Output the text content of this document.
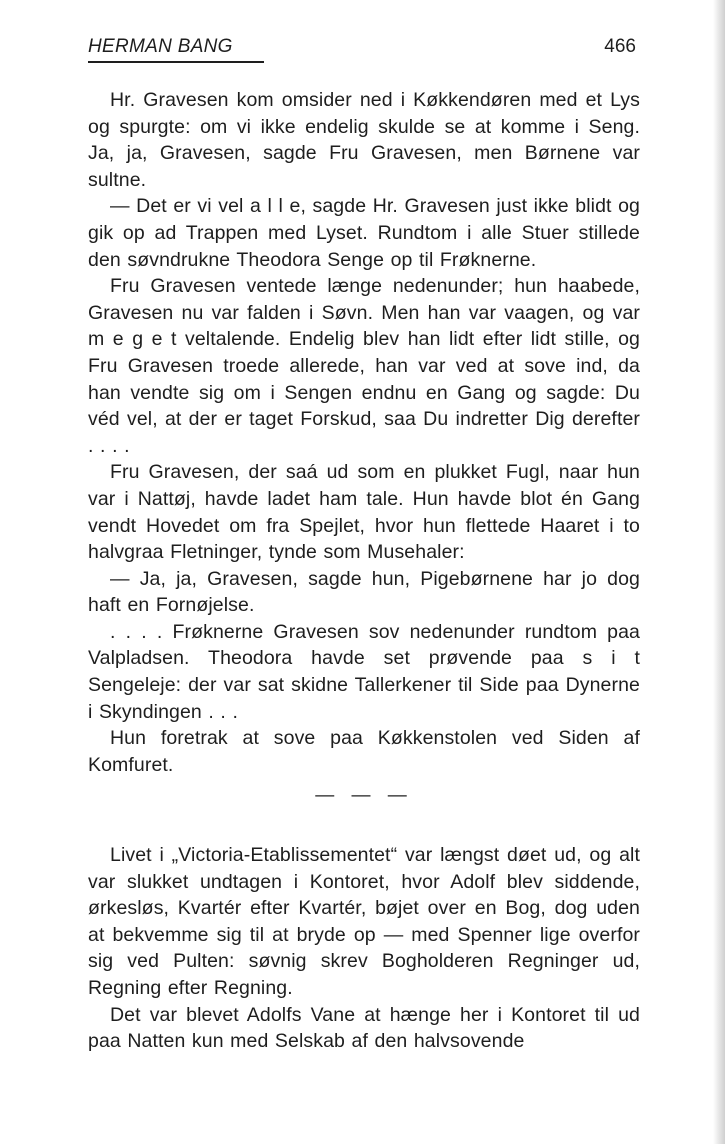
HERMAN BANG	466

Hr. Gravesen kom omsider ned i Køkkendøren med et Lys og spurgte: om vi ikke endelig skulde se at komme i Seng. Ja, ja, Gravesen, sagde Fru Gravesen, men Børnene var sultne.

— Det er vi vel a l l e, sagde Hr. Gravesen just ikke blidt og gik op ad Trappen med Lyset. Rundtom i alle Stuer stillede den søvndrukne Theodora Senge op til Frøknerne.

Fru Gravesen ventede længe nedenunder; hun haabede, Gravesen nu var falden i Søvn. Men han var vaagen, og var m e g e t veltalende. Endelig blev han lidt efter lidt stille, og Fru Gravesen troede allerede, han var ved at sove ind, da han vendte sig om i Sengen endnu en Gang og sagde: Du véd vel, at der er taget Forskud, saa Du indretter Dig derefter . . . .

Fru Gravesen, der saá ud som en plukket Fugl, naar hun var i Nattøj, havde ladet ham tale. Hun havde blot én Gang vendt Hovedet om fra Spejlet, hvor hun flettede Haaret i to halvgraa Fletninger, tynde som Musehaler:

— Ja, ja, Gravesen, sagde hun, Pigebørnene har jo dog haft en Fornøjelse.

. . . . Frøknerne Gravesen sov nedenunder rundtom paa Valpladsen. Theodora havde set prøvende paa s i t Sengeleje: der var sat skidne Tallerkener til Side paa Dynerne i Skyndingen . . .

Hun foretrak at sove paa Køkkenstolen ved Siden af Komfuret.

— — —

Livet i „Victoria-Etablissementet“ var længst døet ud, og alt var slukket undtagen i Kontoret, hvor Adolf blev siddende, ørkesløs, Kvartér efter Kvartér, bøjet over en Bog, dog uden at bekvemme sig til at bryde op — med Spenner lige overfor sig ved Pulten: søvnig skrev Bogholderen Regninger ud, Regning efter Regning.

Det var blevet Adolfs Vane at hænge her i Kontoret til ud paa Natten kun med Selskab af den halvsovende
